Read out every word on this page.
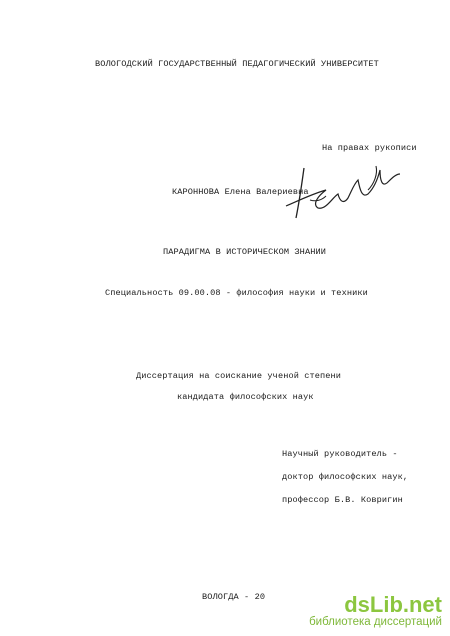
ВОЛОГОДСКИЙ ГОСУДАРСТВЕННЫЙ ПЕДАГОГИЧЕСКИЙ УНИВЕРСИТЕТ
На правах рукописи
КАРОННОВА Елена Валериевна
ПАРАДИГМА В ИСТОРИЧЕСКОМ ЗНАНИИ
Специальность 09.00.08 - философия науки и техники
Диссертация на соискание ученой степени
кандидата философских наук
Научный руководитель -
доктор философских наук,
профессор Б.В. Ковригин
ВОЛОГДА - 20	dsLib.net
библиотека диссертаций
